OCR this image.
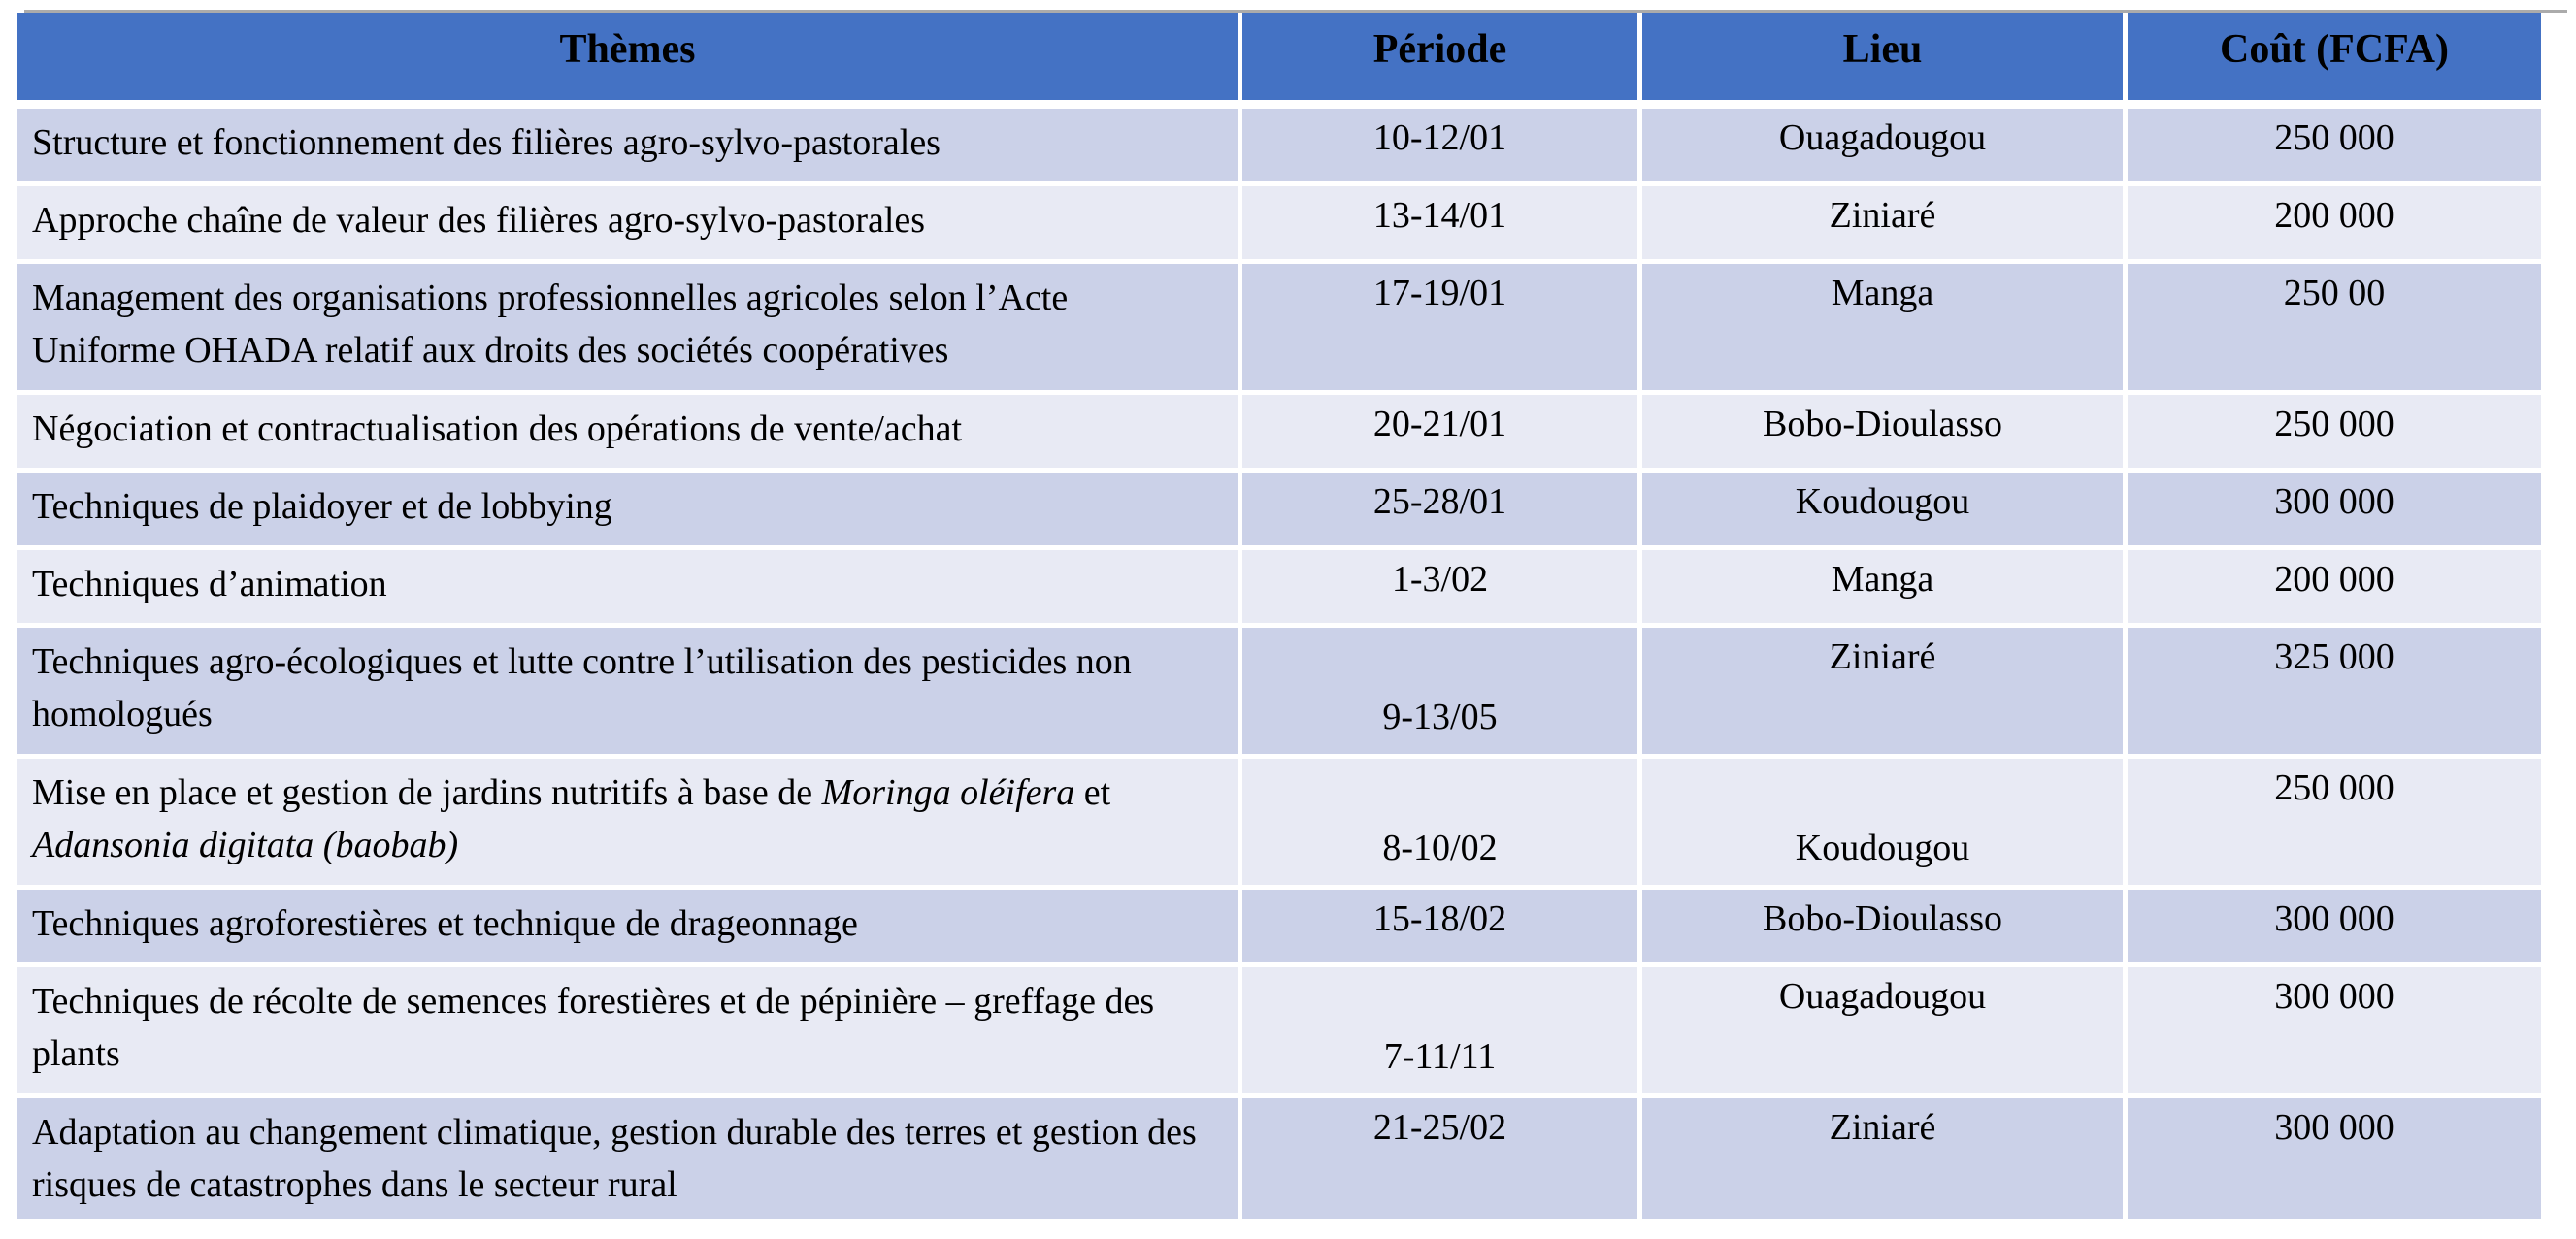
Thèmes	Période	Lieu	Coût (FCFA)
Structure et fonctionnement des filières agro-sylvo-pastorales	10-12/01	Ouagadougou	250 000
Approche chaîne de valeur des filières agro-sylvo-pastorales	13-14/01	Ziniaré	200 000
Management des organisations professionnelles agricoles selon l’Acte Uniforme OHADA relatif aux droits des sociétés coopératives	17-19/01	Manga	250 00
Négociation et contractualisation des opérations de vente/achat	20-21/01	Bobo-Dioulasso	250 000
Techniques de plaidoyer et de lobbying	25-28/01	Koudougou	300 000
Techniques d’animation	1-3/02	Manga	200 000
Techniques agro-écologiques et lutte contre l’utilisation des pesticides non homologués	9-13/05	Ziniaré	325 000
Mise en place et gestion de jardins nutritifs à base de Moringa oléifera et Adansonia digitata (baobab)	8-10/02	Koudougou	250 000
Techniques agroforestières et technique de drageonnage	15-18/02	Bobo-Dioulasso	300 000
Techniques de récolte de semences forestières et de pépinière – greffage des plants	7-11/11	Ouagadougou	300 000
Adaptation au changement climatique, gestion durable des terres et gestion des risques de catastrophes dans le secteur rural	21-25/02	Ziniaré	300 000
